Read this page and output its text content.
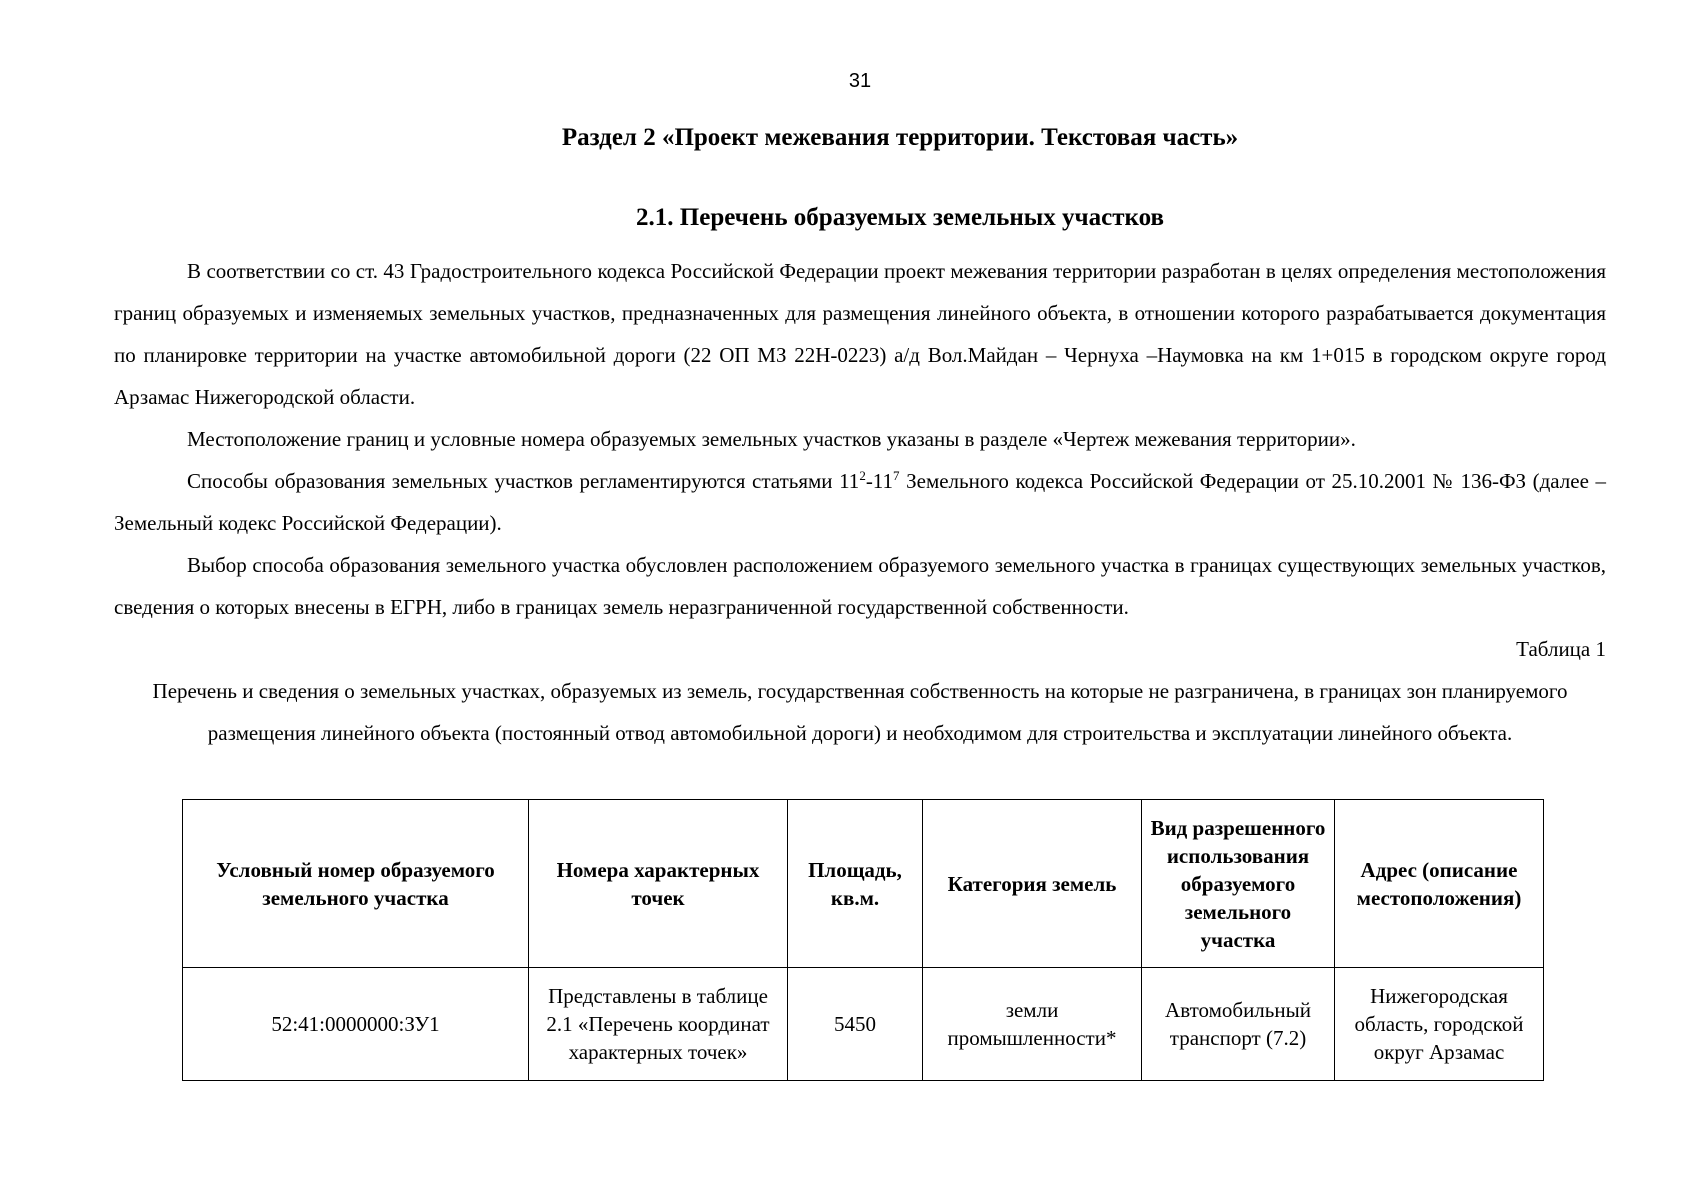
31
Раздел 2 «Проект межевания территории. Текстовая часть»
2.1. Перечень образуемых земельных участков

В соответствии со ст. 43 Градостроительного кодекса Российской Федерации проект межевания территории разработан в целях определения местоположения границ образуемых и изменяемых земельных участков, предназначенных для размещения линейного объекта, в отношении которого разрабатывается документация по планировке территории на участке автомобильной дороги (22 ОП МЗ 22Н-0223) а/д Вол.Майдан – Чернуха –Наумовка на км 1+015 в городском округе город Арзамас Нижегородской области.

Местоположение границ и условные номера образуемых земельных участков указаны в разделе «Чертеж межевания территории».

Способы образования земельных участков регламентируются статьями $11^2-11^7$ Земельного кодекса Российской Федерации от 25.10.2001 № 136-ФЗ (далее – Земельный кодекс Российской Федерации).

Выбор способа образования земельного участка обусловлен расположением образуемого земельного участка в границах существующих земельных участков, сведения о которых внесены в ЕГРН, либо в границах земель неразграниченной государственной собственности.

Таблица 1

Перечень и сведения о земельных участках, образуемых из земель, государственная собственность на которые не разграничена, в границах зон планируемого размещения линейного объекта (постоянный отвод автомобильной дороги) и необходимом для строительства и эксплуатации линейного объекта.

Условный номер образуемого земельного участка	Номера характерных точек	Площадь, кв.м.	Категория земель	Вид разрешенного использования образуемого земельного участка	Адрес (описание местоположения)
52:41:0000000:ЗУ1	Представлены в таблице 2.1 «Перечень координат характерных точек»	5450	земли промышленности*	Автомобильный транспорт (7.2)	Нижегородская область, городской округ Арзамас
